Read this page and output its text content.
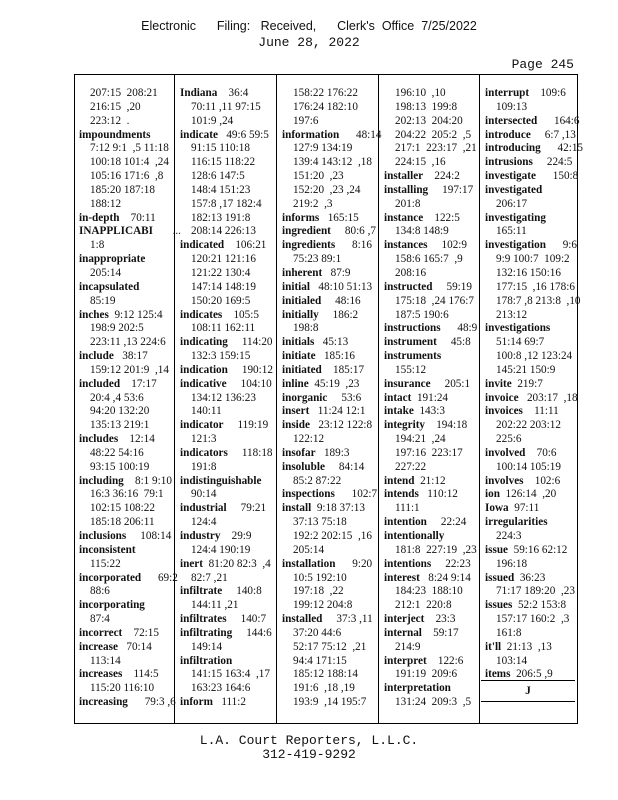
Electronic      Filing:   Received,      Clerk's  Office  7/25/2022
June 28, 2022
Page 245
207:15  208:21
216:15  ,20
223:12  .
impoundments
7:12 9:1  ,5 11:18
100:18 101:4  ,24
105:16 171:6  ,8
185:20 187:18
188:12
in-depth    70:11
INAPPLICABI       ...
1:8
inappropriate
205:14
incapsulated
85:19
inches  9:12 125:4
198:9 202:5
223:11 ,13 224:6
include   38:17
159:12 201:9  ,14
included    17:17
20:4 ,4 53:6
94:20 132:20
135:13 219:1
includes    12:14
48:22 54:16
93:15 100:19
including    8:1 9:10
16:3 36:16  79:1
102:15 108:22
185:18 206:11
inclusions     108:14
inconsistent
115:22
incorporated      69:2
88:6
incorporating
87:4
incorrect    72:15
increase   70:14
113:14
increases    114:5
115:20 116:10
increasing      79:3 ,6
Indiana    36:4
70:11 ,11 97:15
101:9 ,24
indicate   49:6 59:5
91:15 110:18
116:15 118:22
128:6 147:5
148:4 151:23
157:8 ,17 182:4
182:13 191:8
208:14 226:13
indicated    106:21
120:21 121:16
121:22 130:4
147:14 148:19
150:20 169:5
indicates    105:5
108:11 162:11
indicating     114:20
132:3 159:15
indication     190:12
indicative     104:10
134:12 136:23
140:11
indicator     119:19
121:3
indicators     118:18
191:8
indistinguishable
90:14
industrial     79:21
124:4
industry    29:9
124:4 190:19
inert  81:20 82:3  ,4
82:7 ,21
infiltrate     140:8
144:11 ,21
infiltrates     140:7
infiltrating     144:6
149:14
infiltration
141:15 163:4  ,17
163:23 164:6
inform   111:2
158:22 176:22
176:24 182:10
197:6
information      48:14
127:9 134:19
139:4 143:12  ,18
151:20  ,23
152:20  ,23 ,24
219:2  ,3
informs   165:15
ingredient     80:6 ,7
ingredients      8:16
75:23 89:1
inherent   87:9
initial   48:10 51:13
initialed     48:16
initially     186:2
198:8
initials   45:13
initiate   185:16
initiated    185:17
inline  45:19  ,23
inorganic     53:6
insert   11:24 12:1
inside   23:12 122:8
122:12
insofar   189:3
insoluble     84:14
85:2 87:22
inspections      102:7
install  9:18 37:13
37:13 75:18
192:2 202:15  ,16
205:14
installation      9:20
10:5 192:10
197:18  ,22
199:12 204:8
installed     37:3 ,11
37:20 44:6
52:17 75:12  ,21
94:4 171:15
185:12 188:14
191:6  ,18 ,19
193:9  ,14 195:7
196:10  ,10
198:13  199:8
202:13  204:20
204:22  205:2  ,5
217:1  223:17  ,21
224:15  ,16
installer    224:2
installing     197:17
201:8
instance    122:5
134:8 148:9
instances     102:9
158:6 165:7  ,9
208:16
instructed     59:19
175:18  ,24 176:7
187:5 190:6
instructions      48:9
instrument     45:8
instruments
155:12
insurance     205:1
intact  191:24
intake  143:3
integrity    194:18
194:21  ,24
197:16  223:17
227:22
intend  21:12
intends   110:12
111:1
intention     22:24
intentionally
181:8  227:19  ,23
intentions     22:23
interest   8:24 9:14
184:23  188:10
212:1  220:8
interject    23:3
internal    59:17
214:9
interpret    122:6
191:19  209:6
interpretation
131:24  209:3  ,5
interrupt    109:6
109:13
intersected      164:6
introduce     6:7 ,13
introducing      42:15
intrusions     224:5
investigate      150:8
investigated
206:17
investigating
165:11
investigation      9:6
9:9 100:7  109:2
132:16 150:16
177:15  ,16 178:6
178:7 ,8 213:8  ,10
213:12
investigations
51:14 69:7
100:8 ,12 123:24
145:21 150:9
invite  219:7
invoice   203:17  ,18
invoices    11:11
202:22 203:12
225:6
involved    70:6
100:14 105:19
involves    102:6
ion  126:14  ,20
Iowa  97:11
irregularities
224:3
issue  59:16 62:12
196:18
issued  36:23
71:17 189:20  ,23
issues  52:2 153:8
157:17 160:2  ,3
161:8
it'll  21:13  ,13
103:14
items  206:5 ,9
J
L.A. Court Reporters, L.L.C.
312-419-9292
